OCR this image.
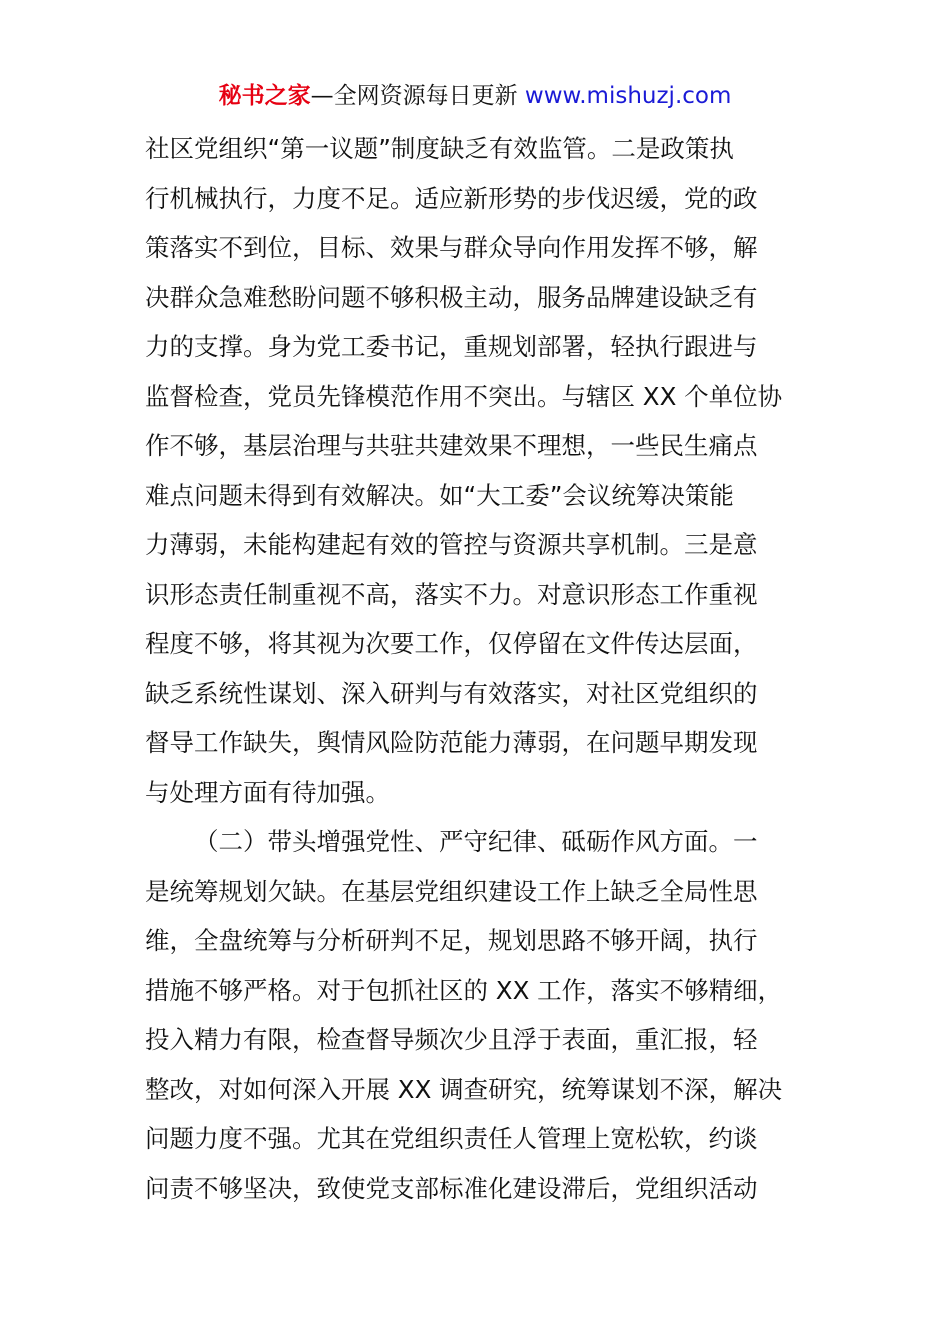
秘书之家—全网资源每日更新 www.mishuzj.com
社区党组织“第一议题”制度缺乏有效监管。二是政策执
行机械执行，力度不足。适应新形势的步伐迟缓，党的政
策落实不到位，目标、效果与群众导向作用发挥不够，解
决群众急难愁盼问题不够积极主动，服务品牌建设缺乏有
力的支撑。身为党工委书记，重规划部署，轻执行跟进与
监督检查，党员先锋模范作用不突出。与辖区 XX 个单位协
作不够，基层治理与共驻共建效果不理想，一些民生痛点
难点问题未得到有效解决。如“大工委”会议统筹决策能
力薄弱，未能构建起有效的管控与资源共享机制。三是意
识形态责任制重视不高，落实不力。对意识形态工作重视
程度不够，将其视为次要工作，仅停留在文件传达层面，
缺乏系统性谋划、深入研判与有效落实，对社区党组织的
督导工作缺失，舆情风险防范能力薄弱，在问题早期发现
与处理方面有待加强。
（二）带头增强党性、严守纪律、砥砺作风方面。一
是统筹规划欠缺。在基层党组织建设工作上缺乏全局性思
维，全盘统筹与分析研判不足，规划思路不够开阔，执行
措施不够严格。对于包抓社区的 XX 工作，落实不够精细，
投入精力有限，检查督导频次少且浮于表面，重汇报，轻
整改，对如何深入开展 XX 调查研究，统筹谋划不深，解决
问题力度不强。尤其在党组织责任人管理上宽松软，约谈
问责不够坚决，致使党支部标准化建设滞后，党组织活动
